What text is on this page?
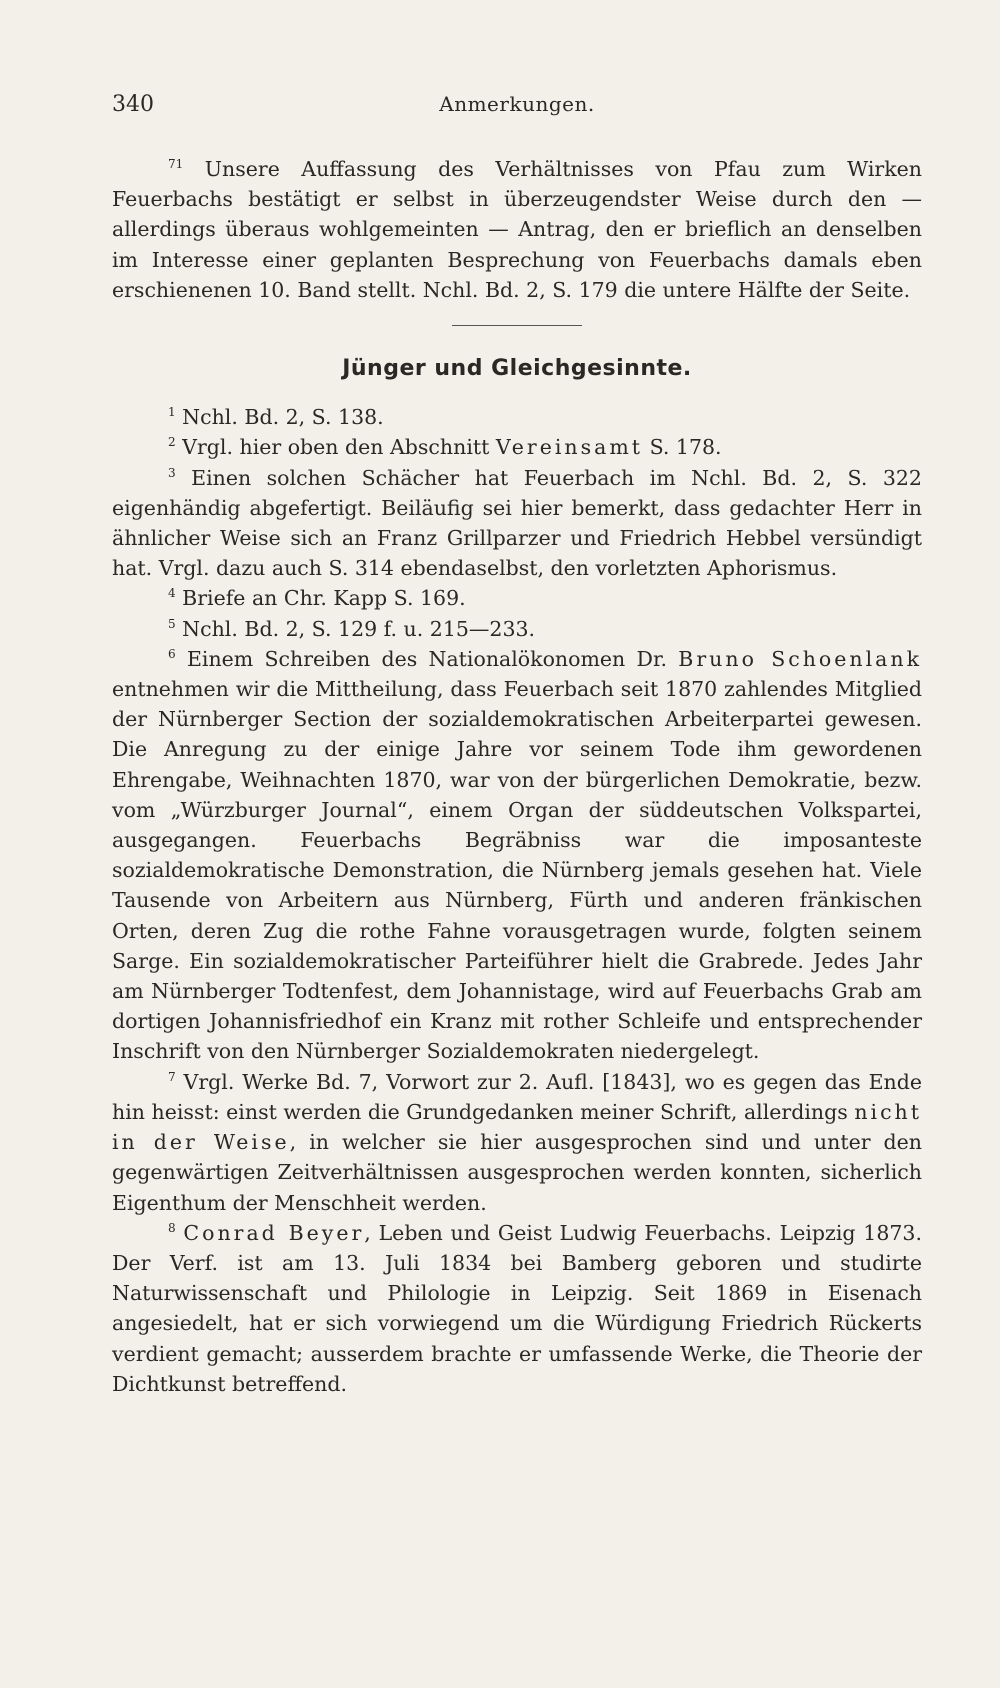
340	Anmerkungen.

$^{71}$ Unsere Auffassung des Verhältnisses von Pfau zum Wirken Feuerbachs bestätigt er selbst in überzeugendster Weise durch den — allerdings überaus wohlgemeinten — Antrag, den er brieflich an denselben im Interesse einer geplanten Besprechung von Feuerbachs damals eben erschienenen 10. Band stellt. Nchl. Bd. 2, S. 179 die untere Hälfte der Seite.

Jünger und Gleichgesinnte.

$^1$ Nchl. Bd. 2, S. 138.

$^2$ Vrgl. hier oben den Abschnitt Vereinsamt S. 178.

$^3$ Einen solchen Schächer hat Feuerbach im Nchl. Bd. 2, S. 322 eigenhändig abgefertigt. Beiläufig sei hier bemerkt, dass gedachter Herr in ähnlicher Weise sich an Franz Grillparzer und Friedrich Hebbel versündigt hat. Vrgl. dazu auch S. 314 ebendaselbst, den vorletzten Aphorismus.

$^4$ Briefe an Chr. Kapp S. 169.

$^5$ Nchl. Bd. 2, S. 129 f. u. 215—233.

$^6$ Einem Schreiben des Nationalökonomen Dr. Bruno Schoenlank entnehmen wir die Mittheilung, dass Feuerbach seit 1870 zahlendes Mitglied der Nürnberger Section der sozialdemokratischen Arbeiterpartei gewesen. Die Anregung zu der einige Jahre vor seinem Tode ihm gewordenen Ehrengabe, Weihnachten 1870, war von der bürgerlichen Demokratie, bezw. vom „Würzburger Journal“, einem Organ der süddeutschen Volkspartei, ausgegangen. Feuerbachs Begräbniss war die imposanteste sozialdemokratische Demonstration, die Nürnberg jemals gesehen hat. Viele Tausende von Arbeitern aus Nürnberg, Fürth und anderen fränkischen Orten, deren Zug die rothe Fahne vorausgetragen wurde, folgten seinem Sarge. Ein sozialdemokratischer Parteiführer hielt die Grabrede. Jedes Jahr am Nürnberger Todtenfest, dem Johannistage, wird auf Feuerbachs Grab am dortigen Johannisfriedhof ein Kranz mit rother Schleife und entsprechender Inschrift von den Nürnberger Sozialdemokraten niedergelegt.

$^7$ Vrgl. Werke Bd. 7, Vorwort zur 2. Aufl. [1843], wo es gegen das Ende hin heisst: einst werden die Grundgedanken meiner Schrift, allerdings nicht in der Weise, in welcher sie hier ausgesprochen sind und unter den gegenwärtigen Zeitverhältnissen ausgesprochen werden konnten, sicherlich Eigenthum der Menschheit werden.

$^8$ Conrad Beyer, Leben und Geist Ludwig Feuerbachs. Leipzig 1873. Der Verf. ist am 13. Juli 1834 bei Bamberg geboren und studirte Naturwissenschaft und Philologie in Leipzig. Seit 1869 in Eisenach angesiedelt, hat er sich vorwiegend um die Würdigung Friedrich Rückerts verdient gemacht; ausserdem brachte er umfassende Werke, die Theorie der Dichtkunst betreffend.
